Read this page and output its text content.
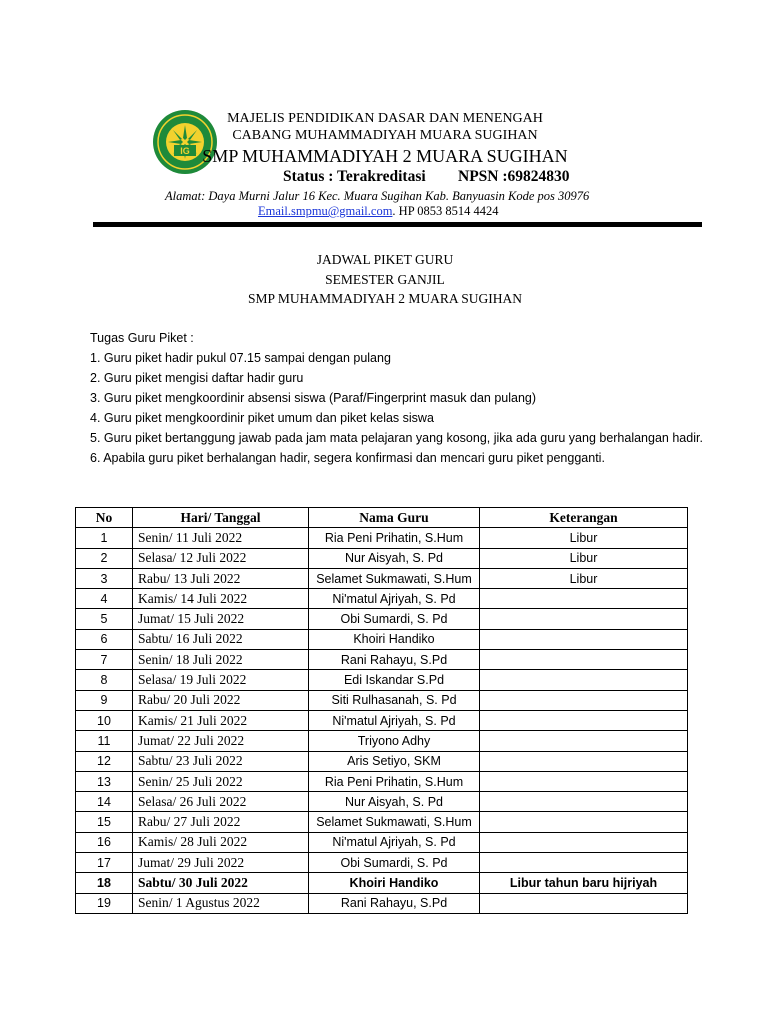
IG
MAJELIS PENDIDIKAN DASAR DAN MENENGAH
CABANG MUHAMMADIYAH MUARA SUGIHAN
SMP MUHAMMADIYAH 2 MUARA SUGIHAN
Status : Terakreditasi NPSN :69824830
Alamat: Daya Murni Jalur 16 Kec. Muara Sugihan Kab. Banyuasin Kode pos 30976
Email.smpmu@gmail.com. HP 0853 8514 4424
JADWAL PIKET GURU
SEMESTER GANJIL
SMP MUHAMMADIYAH 2 MUARA SUGIHAN
Tugas Guru Piket :
1. Guru piket hadir pukul 07.15 sampai dengan pulang
2. Guru piket mengisi daftar hadir guru
3. Guru piket mengkoordinir absensi siswa (Paraf/Fingerprint masuk dan pulang)
4. Guru piket mengkoordinir piket umum dan piket kelas siswa
5. Guru piket bertanggung jawab pada jam mata pelajaran yang kosong, jika ada guru yang berhalangan hadir.
6. Apabila guru piket berhalangan hadir, segera konfirmasi dan mencari guru piket pengganti.
No	Hari/ Tanggal	Nama Guru	Keterangan
1	Senin/ 11 Juli 2022	Ria Peni Prihatin, S.Hum	Libur
2	Selasa/ 12 Juli 2022	Nur Aisyah, S. Pd	Libur
3	Rabu/ 13 Juli 2022	Selamet Sukmawati, S.Hum	Libur
4	Kamis/ 14 Juli 2022	Ni'matul Ajriyah, S. Pd	
5	Jumat/ 15 Juli 2022	Obi Sumardi, S. Pd	
6	Sabtu/ 16 Juli 2022	Khoiri Handiko	
7	Senin/ 18 Juli 2022	Rani Rahayu, S.Pd	
8	Selasa/ 19 Juli 2022	Edi Iskandar S.Pd	
9	Rabu/ 20 Juli 2022	Siti Rulhasanah, S. Pd	
10	Kamis/ 21 Juli 2022	Ni'matul Ajriyah, S. Pd	
11	Jumat/ 22 Juli 2022	Triyono Adhy	
12	Sabtu/ 23 Juli 2022	Aris Setiyo, SKM	
13	Senin/ 25 Juli 2022	Ria Peni Prihatin, S.Hum	
14	Selasa/ 26 Juli 2022	Nur Aisyah, S. Pd	
15	Rabu/ 27 Juli 2022	Selamet Sukmawati, S.Hum	
16	Kamis/ 28 Juli 2022	Ni'matul Ajriyah, S. Pd	
17	Jumat/ 29 Juli 2022	Obi Sumardi, S. Pd	
18	Sabtu/ 30 Juli 2022	Khoiri Handiko	Libur tahun baru hijriyah
19	Senin/ 1 Agustus 2022	Rani Rahayu, S.Pd	
